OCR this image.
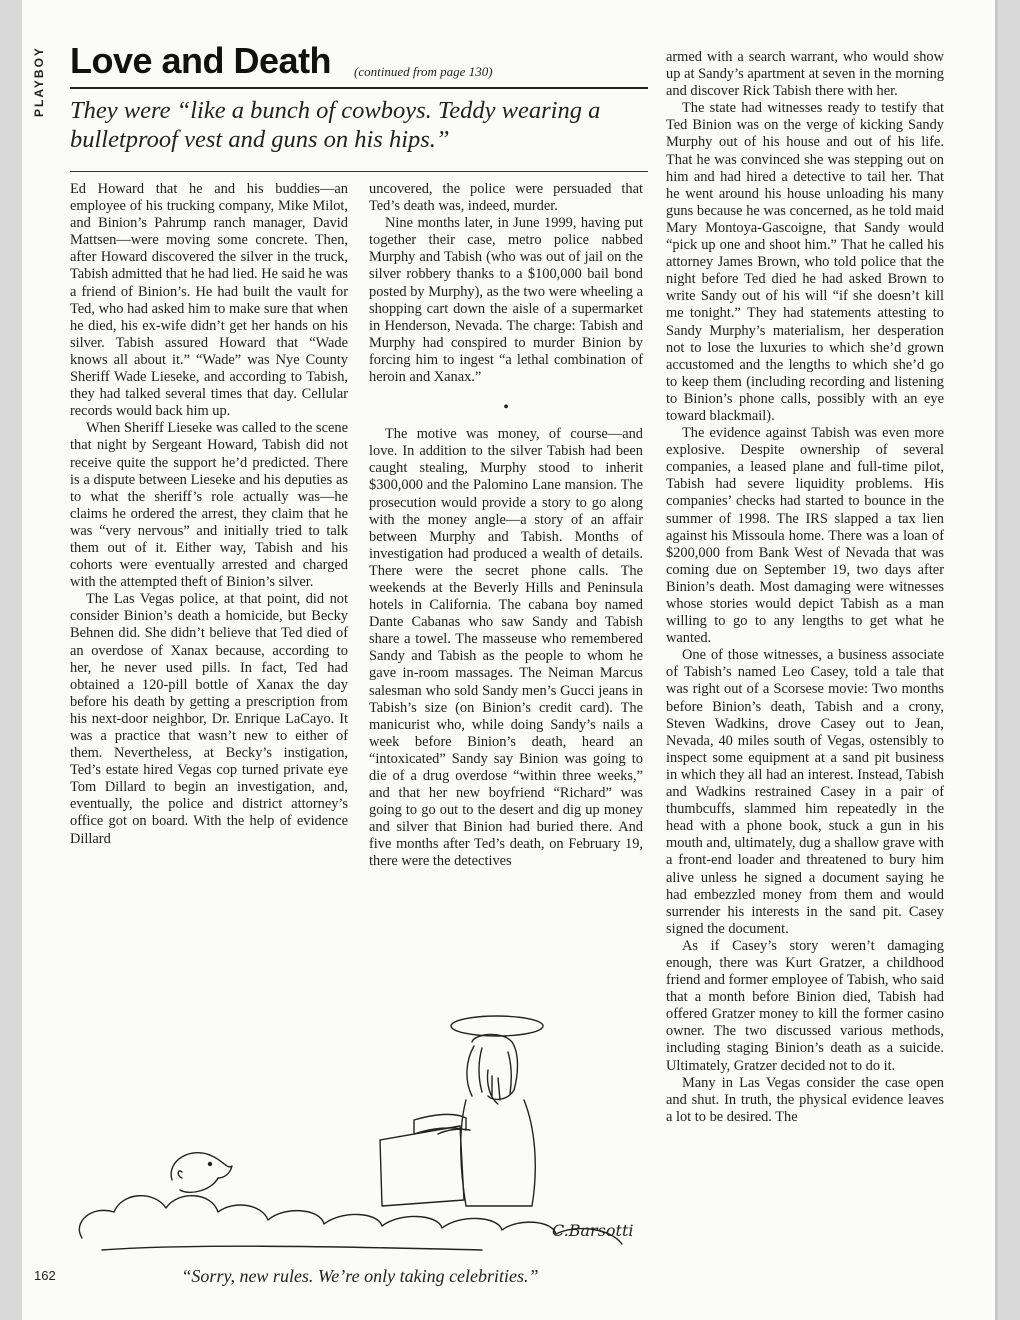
PLAYBOY Love and Death (continued from page 130)
They were “like a bunch of cowboys. Teddy wearing a bulletproof vest and guns on his hips.”

Ed Howard that he and his buddies—an employee of his trucking company, Mike Milot, and Binion’s Pahrump ranch manager, David Mattsen—were moving some concrete. Then, after Howard discovered the silver in the truck, Tabish admitted that he had lied. He said he was a friend of Binion’s. He had built the vault for Ted, who had asked him to make sure that when he died, his ex-wife didn’t get her hands on his silver. Tabish assured Howard that “Wade knows all about it.” “Wade” was Nye County Sheriff Wade Lieseke, and according to Tabish, they had talked several times that day. Cellular records would back him up.

When Sheriff Lieseke was called to the scene that night by Sergeant Howard, Tabish did not receive quite the support he’d predicted. There is a dispute between Lieseke and his deputies as to what the sheriff’s role actually was—he claims he ordered the arrest, they claim that he was “very nervous” and initially tried to talk them out of it. Either way, Tabish and his cohorts were eventually arrested and charged with the attempted theft of Binion’s silver.

The Las Vegas police, at that point, did not consider Binion’s death a homicide, but Becky Behnen did. She didn’t believe that Ted died of an overdose of Xanax because, according to her, he never used pills. In fact, Ted had obtained a 120-pill bottle of Xanax the day before his death by getting a prescription from his next-door neighbor, Dr. Enrique LaCayo. It was a practice that wasn’t new to either of them. Nevertheless, at Becky’s instigation, Ted’s estate hired Vegas cop turned private eye Tom Dillard to begin an investigation, and, eventually, the police and district attorney’s office got on board. With the help of evidence Dillard

uncovered, the police were persuaded that Ted’s death was, indeed, murder.

Nine months later, in June 1999, having put together their case, metro police nabbed Murphy and Tabish (who was out of jail on the silver robbery thanks to a $100,000 bail bond posted by Murphy), as the two were wheeling a shopping cart down the aisle of a supermarket in Henderson, Nevada. The charge: Tabish and Murphy had conspired to murder Binion by forcing him to ingest “a lethal combination of heroin and Xanax.”

•

The motive was money, of course—and love. In addition to the silver Tabish had been caught stealing, Murphy stood to inherit $300,000 and the Palomino Lane mansion. The prosecution would provide a story to go along with the money angle—a story of an affair between Murphy and Tabish. Months of investigation had produced a wealth of details. There were the secret phone calls. The weekends at the Beverly Hills and Peninsula hotels in California. The cabana boy named Dante Cabanas who saw Sandy and Tabish share a towel. The masseuse who remembered Sandy and Tabish as the people to whom he gave in-room massages. The Neiman Marcus salesman who sold Sandy men’s Gucci jeans in Tabish’s size (on Binion’s credit card). The manicurist who, while doing Sandy’s nails a week before Binion’s death, heard an “intoxicated” Sandy say Binion was going to die of a drug overdose “within three weeks,” and that her new boyfriend “Richard” was going to go out to the desert and dig up money and silver that Binion had buried there. And five months after Ted’s death, on February 19, there were the detectives

armed with a search warrant, who would show up at Sandy’s apartment at seven in the morning and discover Rick Tabish there with her.

The state had witnesses ready to testify that Ted Binion was on the verge of kicking Sandy Murphy out of his house and out of his life. That he was convinced she was stepping out on him and had hired a detective to tail her. That he went around his house unloading his many guns because he was concerned, as he told maid Mary Montoya-Gascoigne, that Sandy would “pick up one and shoot him.” That he called his attorney James Brown, who told police that the night before Ted died he had asked Brown to write Sandy out of his will “if she doesn’t kill me tonight.” They had statements attesting to Sandy Murphy’s materialism, her desperation not to lose the luxuries to which she’d grown accustomed and the lengths to which she’d go to keep them (including recording and listening to Binion’s phone calls, possibly with an eye toward blackmail).

The evidence against Tabish was even more explosive. Despite ownership of several companies, a leased plane and full-time pilot, Tabish had severe liquidity problems. His companies’ checks had started to bounce in the summer of 1998. The IRS slapped a tax lien against his Missoula home. There was a loan of $200,000 from Bank West of Nevada that was coming due on September 19, two days after Binion’s death. Most damaging were witnesses whose stories would depict Tabish as a man willing to go to any lengths to get what he wanted.

One of those witnesses, a business associate of Tabish’s named Leo Casey, told a tale that was right out of a Scorsese movie: Two months before Binion’s death, Tabish and a crony, Steven Wadkins, drove Casey out to Jean, Nevada, 40 miles south of Vegas, ostensibly to inspect some equipment at a sand pit business in which they all had an interest. Instead, Tabish and Wadkins restrained Casey in a pair of thumbcuffs, slammed him repeatedly in the head with a phone book, stuck a gun in his mouth and, ultimately, dug a shallow grave with a front-end loader and threatened to bury him alive unless he signed a document saying he had embezzled money from them and would surrender his interests in the sand pit. Casey signed the document.

As if Casey’s story weren’t damaging enough, there was Kurt Gratzer, a childhood friend and former employee of Tabish, who said that a month before Binion died, Tabish had offered Gratzer money to kill the former casino owner. The two discussed various methods, including staging Binion’s death as a suicide. Ultimately, Gratzer decided not to do it.

Many in Las Vegas consider the case open and shut. In truth, the physical evidence leaves a lot to be desired. The

C.Barsotti
“Sorry, new rules. We’re only taking celebrities.”
162
